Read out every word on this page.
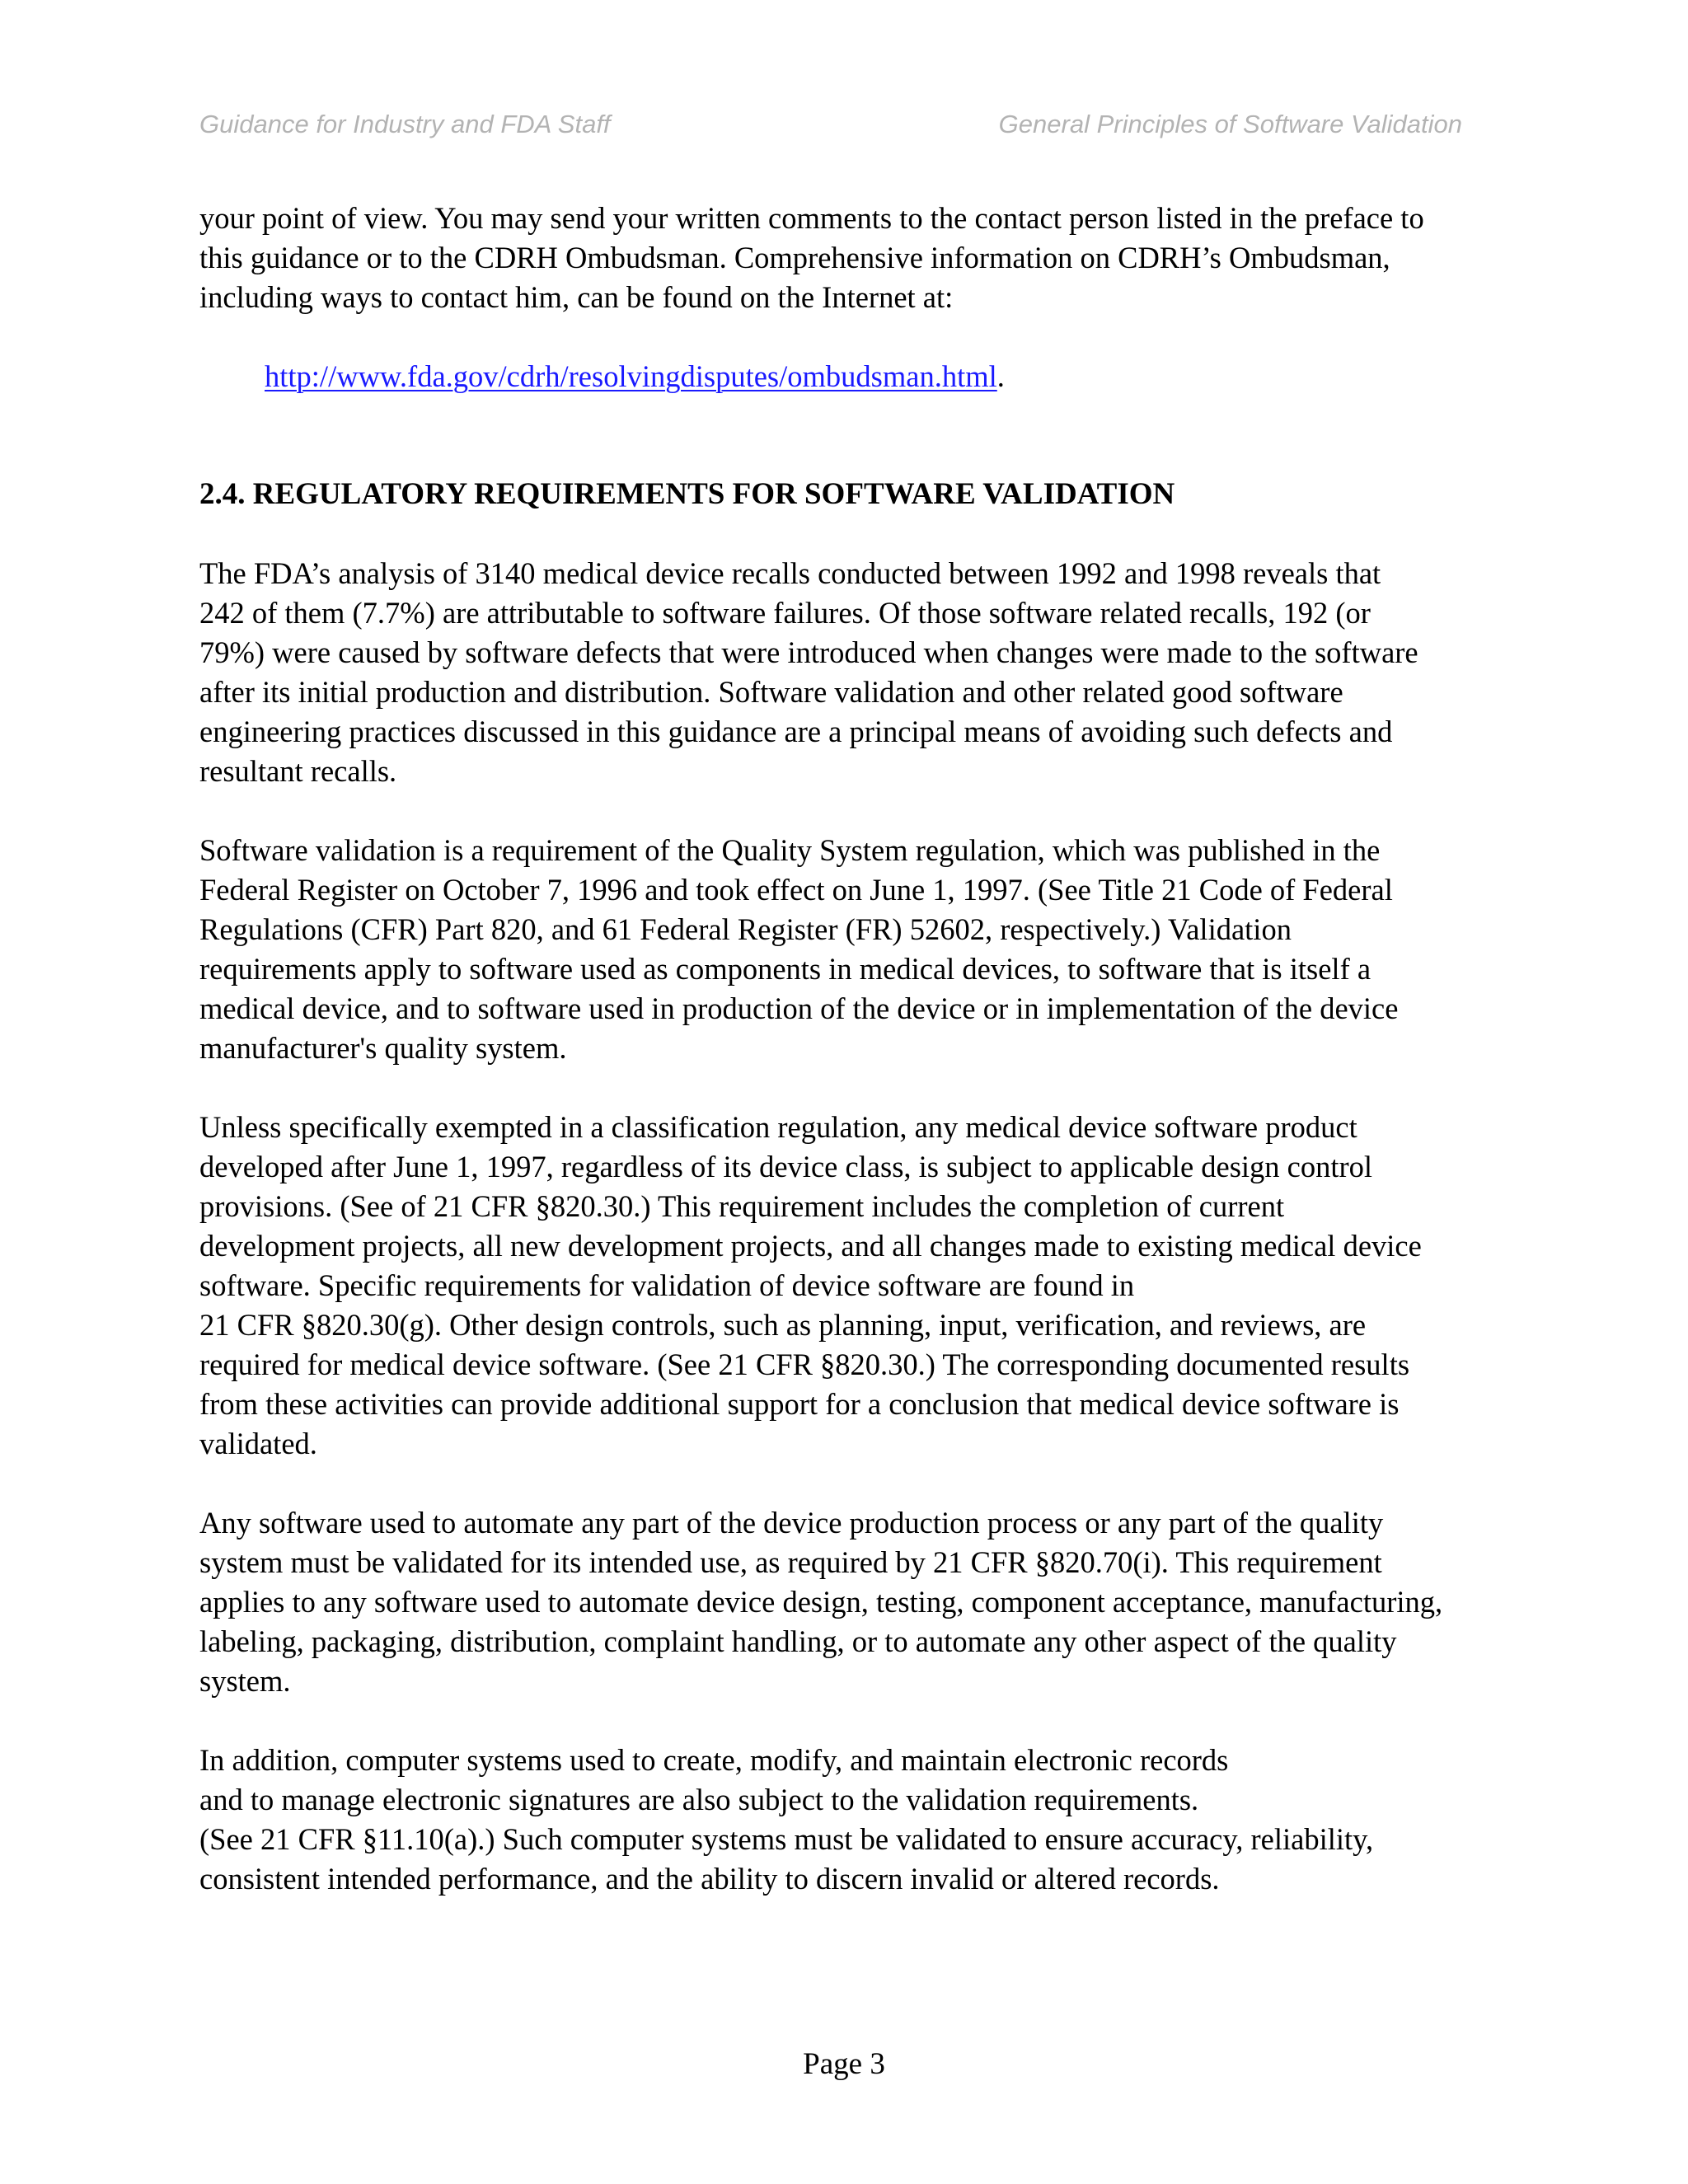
Guidance for Industry and FDA Staff	General Principles of Software Validation
your point of view. You may send your written comments to the contact person listed in the preface to
this guidance or to the CDRH Ombudsman. Comprehensive information on CDRH’s Ombudsman,
including ways to contact him, can be found on the Internet at:
http://www.fda.gov/cdrh/resolvingdisputes/ombudsman.html.
2.4. REGULATORY REQUIREMENTS FOR SOFTWARE VALIDATION
The FDA’s analysis of 3140 medical device recalls conducted between 1992 and 1998 reveals that
242 of them (7.7%) are attributable to software failures. Of those software related recalls, 192 (or
79%) were caused by software defects that were introduced when changes were made to the software
after its initial production and distribution. Software validation and other related good software
engineering practices discussed in this guidance are a principal means of avoiding such defects and
resultant recalls.
Software validation is a requirement of the Quality System regulation, which was published in the
Federal Register on October 7, 1996 and took effect on June 1, 1997. (See Title 21 Code of Federal
Regulations (CFR) Part 820, and 61 Federal Register (FR) 52602, respectively.) Validation
requirements apply to software used as components in medical devices, to software that is itself a
medical device, and to software used in production of the device or in implementation of the device
manufacturer's quality system.
Unless specifically exempted in a classification regulation, any medical device software product
developed after June 1, 1997, regardless of its device class, is subject to applicable design control
provisions. (See of 21 CFR §820.30.) This requirement includes the completion of current
development projects, all new development projects, and all changes made to existing medical device
software. Specific requirements for validation of device software are found in
21 CFR §820.30(g). Other design controls, such as planning, input, verification, and reviews, are
required for medical device software. (See 21 CFR §820.30.) The corresponding documented results
from these activities can provide additional support for a conclusion that medical device software is
validated.
Any software used to automate any part of the device production process or any part of the quality
system must be validated for its intended use, as required by 21 CFR §820.70(i). This requirement
applies to any software used to automate device design, testing, component acceptance, manufacturing,
labeling, packaging, distribution, complaint handling, or to automate any other aspect of the quality
system.
In addition, computer systems used to create, modify, and maintain electronic records
and to manage electronic signatures are also subject to the validation requirements.
(See 21 CFR §11.10(a).) Such computer systems must be validated to ensure accuracy, reliability,
consistent intended performance, and the ability to discern invalid or altered records.
Page 3
